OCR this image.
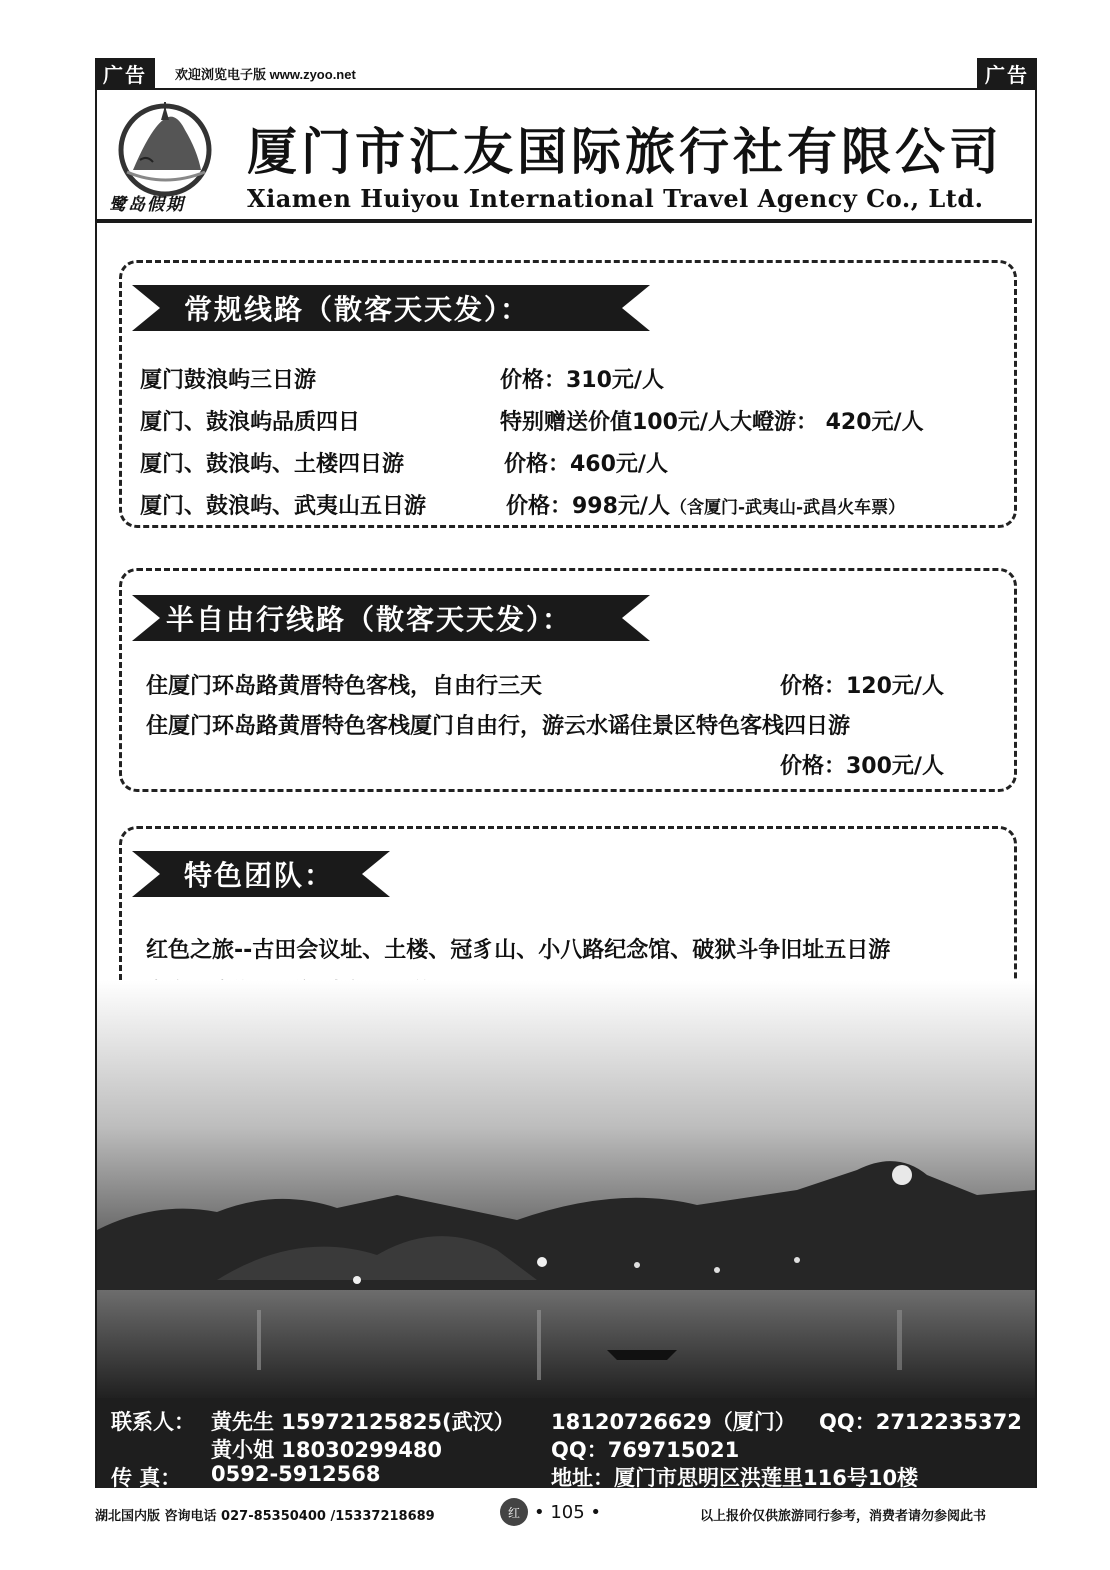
广告	欢迎浏览电子版 www.zyoo.net	广告
鹭岛假期
厦门市汇友国际旅行社有限公司
Xiamen Huiyou International Travel Agency Co., Ltd.
常规线路（散客天天发）：
厦门鼓浪屿三日游	价格：310元/人
厦门、鼓浪屿品质四日	特别赠送价值100元/人大嶝游： 420元/人
厦门、鼓浪屿、土楼四日游	价格：460元/人
厦门、鼓浪屿、武夷山五日游	价格：998元/人（含厦门-武夷山-武昌火车票）
半自由行线路（散客天天发）：
住厦门环岛路黄厝特色客栈，自由行三天	价格：120元/人
住厦门环岛路黄厝特色客栈厦门自由行，游云水谣住景区特色客栈四日游
价格：300元/人
特色团队：
红色之旅--古田会议址、土楼、冠豸山、小八路纪念馆、破狱斗争旧址五日游
联系人： 黄先生 15972125825(武汉） 18120726629（厦门） QQ：2712235372
黄小姐 18030299480	QQ：769715021
传 真： 0592-5912568	地址：厦门市思明区洪莲里116号10楼
湖北国内版 咨询电话 027-85350400 /15337218689	红 • 105 •	以上报价仅供旅游同行参考，消费者请勿参阅此书
